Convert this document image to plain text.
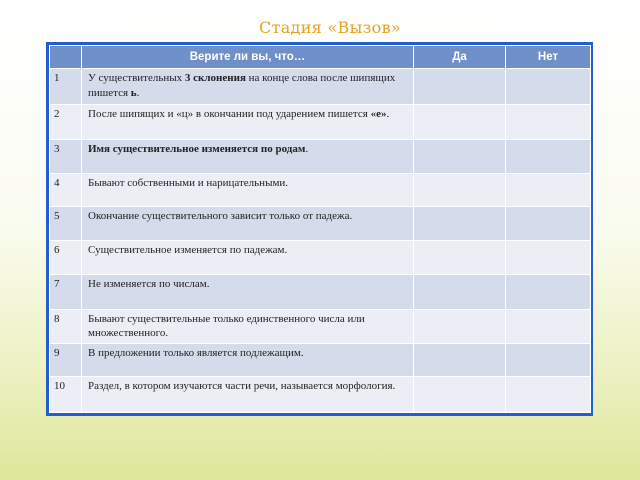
Стадия «Вызов»
	Верите ли вы, что…	Да	Нет
1	У существительных 3 склонения на конце слова после шипящих пишется ь.		
2	После шипящих и «ц» в окончании под ударением пишется «е».		
3	Имя существительное изменяется по родам.		
4	Бывают собственными и нарицательными.		
5	Окончание существительного зависит только от падежа.		
6	Существительное изменяется по падежам.		
7	Не изменяется по числам.		
8	Бывают существительные только единственного числа или множественного.		
9	В предложении только является подлежащим.		
10	Раздел, в котором изучаются части речи, называется морфология.		
